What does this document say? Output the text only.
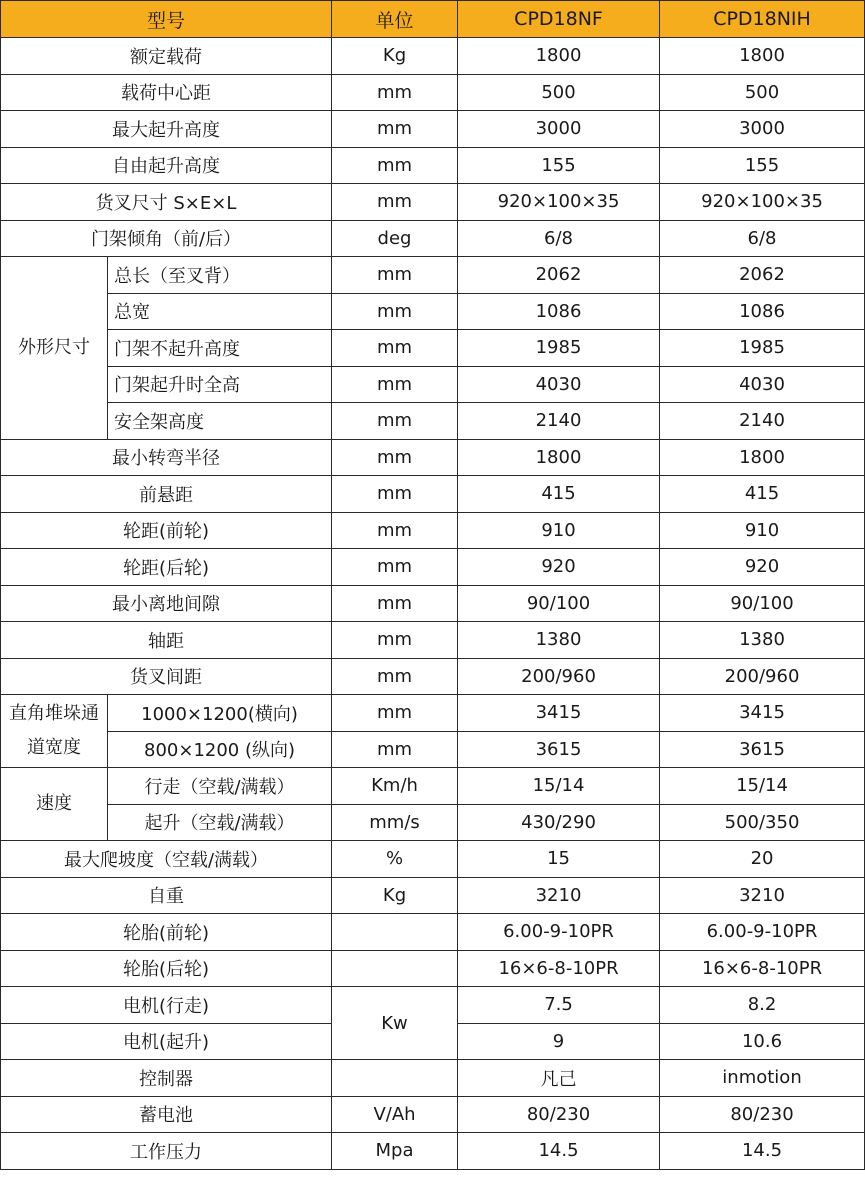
型号		单位	CPD18NF	CPD18NIH
额定载荷		Kg	1800	1800
载荷中心距		mm	500	500
最大起升高度		mm	3000	3000
自由起升高度		mm	155	155
货叉尺寸 S×E×L		mm	920×100×35	920×100×35
门架倾角（前/后）		deg	6/8	6/8
外形尺寸	总长（至叉背）	mm	2062	2062
	总宽	mm	1086	1086
	门架不起升高度	mm	1985	1985
	门架起升时全高	mm	4030	4030
	安全架高度	mm	2140	2140
最小转弯半径		mm	1800	1800
前悬距		mm	415	415
轮距(前轮)		mm	910	910
轮距(后轮)		mm	920	920
最小离地间隙		mm	90/100	90/100
轴距		mm	1380	1380
货叉间距		mm	200/960	200/960
直角堆垛通道宽度	1000×1200(横向)	mm	3415	3415
	800×1200 (纵向)	mm	3615	3615
速度	行走（空载/满载）	Km/h	15/14	15/14
	起升（空载/满载）	mm/s	430/290	500/350
最大爬坡度（空载/满载）		%	15	20
自重		Kg	3210	3210
轮胎(前轮)			6.00-9-10PR	6.00-9-10PR
轮胎(后轮)			16×6-8-10PR	16×6-8-10PR
电机(行走)		Kw	7.5	8.2
电机(起升)			9	10.6
控制器			凡己	inmotion
蓄电池		V/Ah	80/230	80/230
工作压力		Mpa	14.5	14.5
